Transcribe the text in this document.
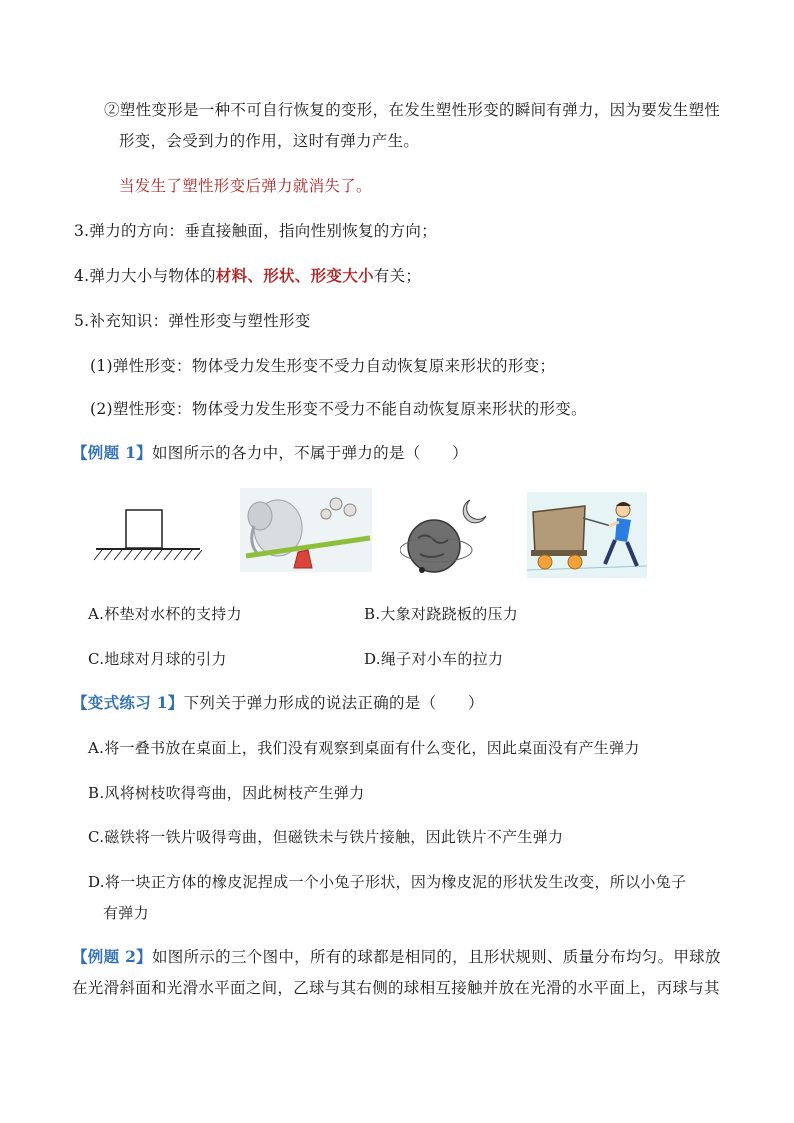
②塑性变形是一种不可自行恢复的变形，在发生塑性形变的瞬间有弹力，因为要发生塑性
形变，会受到力的作用，这时有弹力产生。
当发生了塑性形变后弹力就消失了。
3.弹力的方向：垂直接触面，指向性别恢复的方向；
4.弹力大小与物体的材料、形状、形变大小有关；
5.补充知识：弹性形变与塑性形变
(1)弹性形变：物体受力发生形变不受力自动恢复原来形状的形变；
(2)塑性形变：物体受力发生形变不受力不能自动恢复原来形状的形变。
【例题 1】如图所示的各力中，不属于弹力的是（　　）
A.杯垫对水杯的支持力	B.大象对跷跷板的压力
C.地球对月球的引力	D.绳子对小车的拉力
【变式练习 1】下列关于弹力形成的说法正确的是（　　）
A.将一叠书放在桌面上，我们没有观察到桌面有什么变化，因此桌面没有产生弹力
B.风将树枝吹得弯曲，因此树枝产生弹力
C.磁铁将一铁片吸得弯曲，但磁铁未与铁片接触，因此铁片不产生弹力
D.将一块正方体的橡皮泥捏成一个小兔子形状，因为橡皮泥的形状发生改变，所以小兔子
有弹力
【例题 2】如图所示的三个图中，所有的球都是相同的，且形状规则、质量分布均匀。甲球放
在光滑斜面和光滑水平面之间，乙球与其右侧的球相互接触并放在光滑的水平面上，丙球与其
